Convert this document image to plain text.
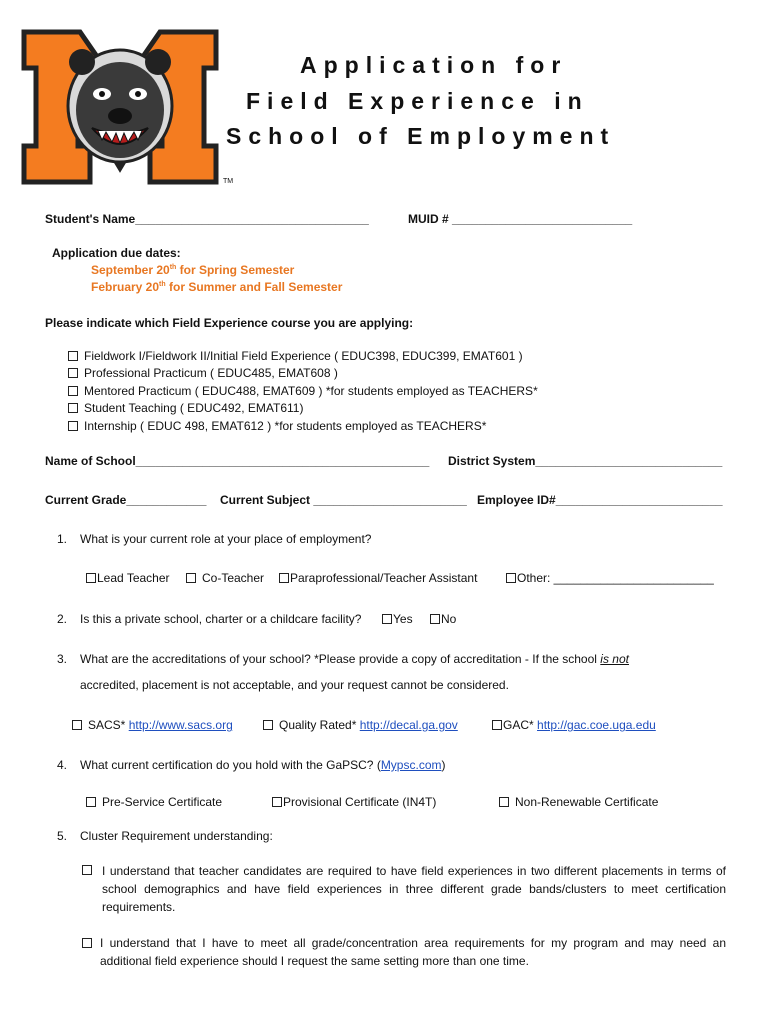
TM
Application for
Field Experience in
School of Employment
Student's Name___________________________________	MUID # ___________________________
Application due dates:
September 20th for Spring Semester
February 20th for Summer and Fall Semester
Please indicate which Field Experience course you are applying:
Fieldwork I/Fieldwork II/Initial Field Experience ( EDUC398, EDUC399, EMAT601 )
Professional Practicum ( EDUC485, EMAT608 )
Mentored Practicum ( EDUC488, EMAT609 ) *for students employed as TEACHERS*
Student Teaching ( EDUC492, EMAT611)
Internship ( EDUC 498, EMAT612 ) *for students employed as TEACHERS*
Name of School____________________________________________ District System____________________________
Current Grade____________ Current Subject _______________________ Employee ID#_________________________
1. What is your current role at your place of employment?
Lead Teacher	Co-Teacher	Paraprofessional/Teacher Assistant	Other: ________________________
2. Is this a private school, charter or a childcare facility?	Yes	No
3. What are the accreditations of your school? *Please provide a copy of accreditation - If the school is not
accredited, placement is not acceptable, and your request cannot be considered.
SACS* http://www.sacs.org	Quality Rated* http://decal.ga.gov	GAC* http://gac.coe.uga.edu
4. What current certification do you hold with the GaPSC? (Mypsc.com)
Pre-Service Certificate	Provisional Certificate (IN4T)	Non-Renewable Certificate
5. Cluster Requirement understanding:
I understand that teacher candidates are required to have field experiences in two different placements in terms of school demographics and have field experiences in three different grade bands/clusters to meet certification requirements.
I understand that I have to meet all grade/concentration area requirements for my program and may need an additional field experience should I request the same setting more than one time.
